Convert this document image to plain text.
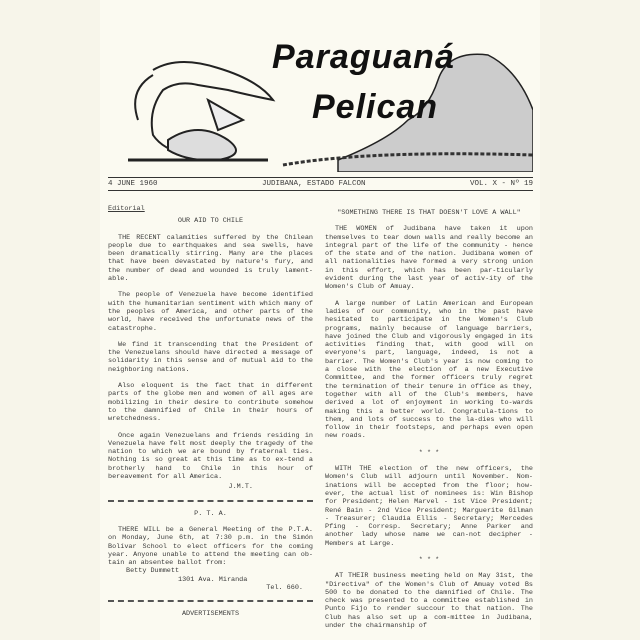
Paraguaná
Pelican
4 JUNE 1960	JUDIBANA, ESTADO FALCON	VOL. X - Nº 19
Editorial
OUR AID TO CHILE

THE RECENT calamities suffered by the Chilean people due to earthquakes and sea swells, have been dramatically stirring. Many are the places that have been devastated by nature's fury, and the number of dead and wounded is truly lament-able.

The people of Venezuela have become identified with the humanitarian sentiment with which many of the peoples of America, and other parts of the world, have received the unfortunate news of the catastrophe.

We find it transcending that the President of the Venezuelans should have directed a message of solidarity in this sense and of mutual aid to the neighboring nations.

Also eloquent is the fact that in different parts of the globe men and women of all ages are mobilizing in their desire to contribute somehow to the damnified of Chile in their hours of wretchedness.

Once again Venezuelans and friends residing in Venezuela have felt most deeply the tragedy of the nation to which we are bound by fraternal ties. Nothing is so great at this time as to ex-tend a brotherly hand to Chile in this hour of bereavement for all America.

J.M.T.
P. T. A.

THERE WILL be a General Meeting of the P.T.A. on Monday, June 6th, at 7:30 p.m. in the Simón Bolívar School to elect officers for the coming year. Anyone unable to attend the meeting can ob-tain an absentee ballot from:

Betty Dummett
1301 Ava. Miranda
Tel. 660.
ADVERTISEMENTS
"SOMETHING THERE IS THAT DOESN'T LOVE A WALL"

THE WOMEN of Judibana have taken it upon themselves to tear down walls and really become an integral part of the life of the community - hence of the state and of the nation. Judibana women of all nationalities have formed a very strong union in this effort, which has been par-ticularly evident during the last year of activ-ity of the Women's Club of Amuay.

A large number of Latin American and European ladies of our community, who in the past have hesitated to participate in the Women's Club programs, mainly because of language barriers, have joined the Club and vigorously engaged in its activities finding that, with good will on everyone's part, language, indeed, is not a barrier. The Women's Club's year is now coming to a close with the election of a new Executive Committee, and the former officers truly regret the termination of their tenure in office as they, together with all of the Club's members, have derived a lot of enjoyment in working to-wards making this a better world. Congratula-tions to them, and lots of success to the la-dies who will follow in their footsteps, and perhaps even open new roads.

* * *

WITH THE election of the new officers, the Women's Club will adjourn until November. Nom-inations will be accepted from the floor; how-ever, the actual list of nominees is: Win Bishop for President; Helen Marvel - 1st Vice President; René Bain - 2nd Vice President; Marguerite Gilman - Treasurer; Claudia Ellis - Secretary; Mercedes Pfing - Corresp. Secretary; Anne Parker and another lady whose name we can-not decipher - Members at Large.

* * *

AT THEIR business meeting held on May 31st, the "Directiva" of the Women's Club of Amuay voted Bs 500 to be donated to the damnified of Chile. The check was presented to a committee established in Punto Fijo to render succour to that nation. The Club has also set up a com-mittee in Judibana, under the chairmanship of
